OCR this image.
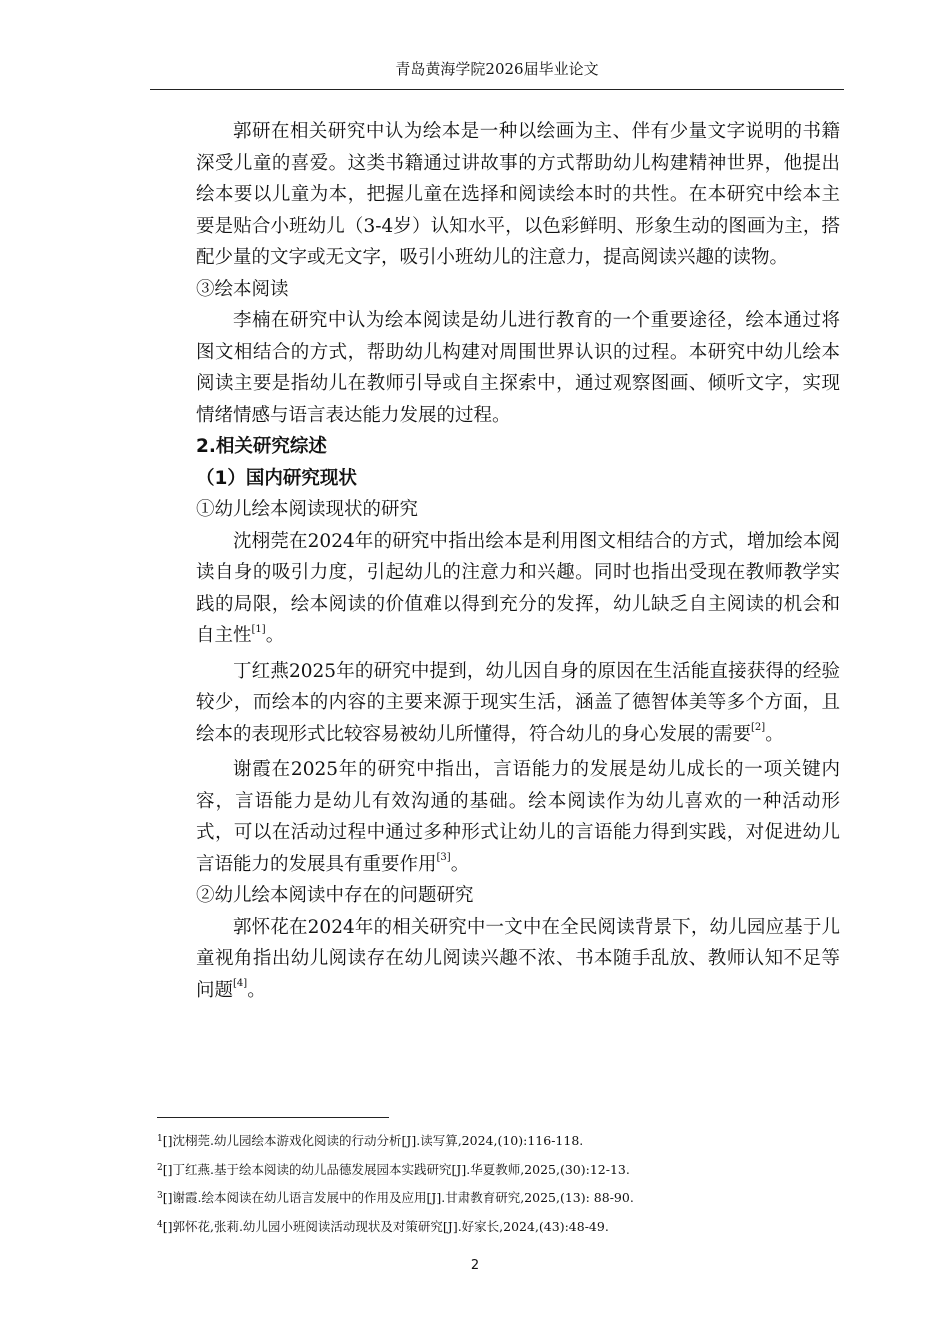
青岛黄海学院2026届毕业论文

郭研在相关研究中认为绘本是一种以绘画为主、伴有少量文字说明的书籍深受儿童的喜爱。这类书籍通过讲故事的方式帮助幼儿构建精神世界，他提出绘本要以儿童为本，把握儿童在选择和阅读绘本时的共性。在本研究中绘本主要是贴合小班幼儿（3-4岁）认知水平，以色彩鲜明、形象生动的图画为主，搭配少量的文字或无文字，吸引小班幼儿的注意力，提高阅读兴趣的读物。

③绘本阅读

李楠在研究中认为绘本阅读是幼儿进行教育的一个重要途径，绘本通过将图文相结合的方式，帮助幼儿构建对周围世界认识的过程。本研究中幼儿绘本阅读主要是指幼儿在教师引导或自主探索中，通过观察图画、倾听文字，实现情绪情感与语言表达能力发展的过程。

2.相关研究综述

（1）国内研究现状

①幼儿绘本阅读现状的研究

沈栩莞在2024年的研究中指出绘本是利用图文相结合的方式，增加绘本阅读自身的吸引力度，引起幼儿的注意力和兴趣。同时也指出受现在教师教学实践的局限，绘本阅读的价值难以得到充分的发挥，幼儿缺乏自主阅读的机会和自主性[1]。

丁红燕2025年的研究中提到，幼儿因自身的原因在生活能直接获得的经验较少，而绘本的内容的主要来源于现实生活，涵盖了德智体美等多个方面，且绘本的表现形式比较容易被幼儿所懂得，符合幼儿的身心发展的需要[2]。

谢霞在2025年的研究中指出，言语能力的发展是幼儿成长的一项关键内容，言语能力是幼儿有效沟通的基础。绘本阅读作为幼儿喜欢的一种活动形式，可以在活动过程中通过多种形式让幼儿的言语能力得到实践，对促进幼儿言语能力的发展具有重要作用[3]。

②幼儿绘本阅读中存在的问题研究

郭怀花在2024年的相关研究中一文中在全民阅读背景下，幼儿园应基于儿童视角指出幼儿阅读存在幼儿阅读兴趣不浓、书本随手乱放、教师认知不足等问题[4]。

$^1$[]沈栩莞.幼儿园绘本游戏化阅读的行动分析[J].读写算,2024,(10):116-118.

$^2$[]丁红燕.基于绘本阅读的幼儿品德发展园本实践研究[J].华夏教师,2025,(30):12-13.

$^3$[]谢霞.绘本阅读在幼儿语言发展中的作用及应用[J].甘肃教育研究,2025,(13): 88-90.

$^4$[]郭怀花,张莉.幼儿园小班阅读活动现状及对策研究[J].好家长,2024,(43):48-49.

2
